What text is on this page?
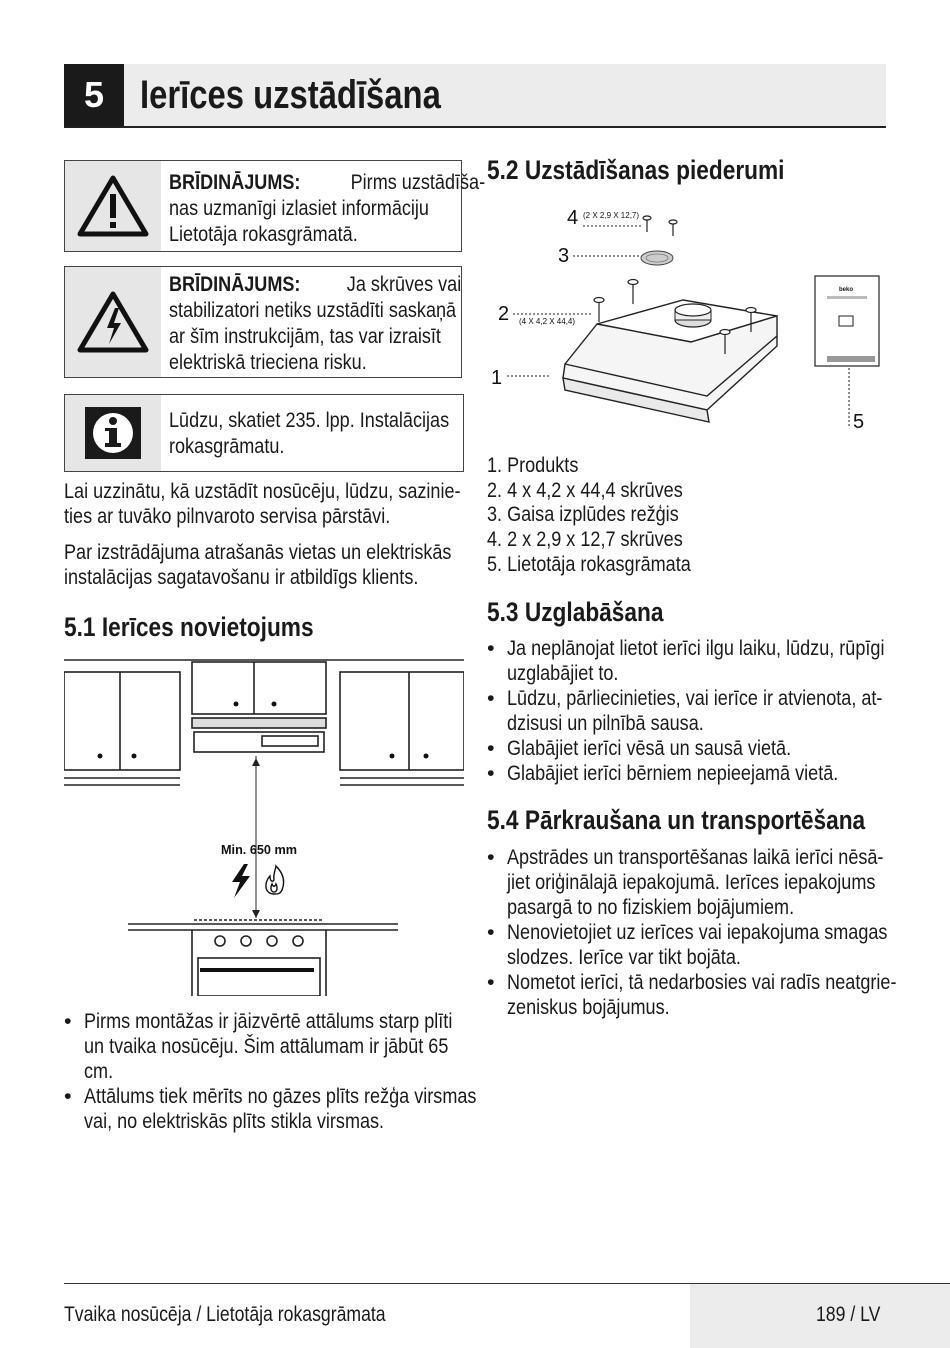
5 Ierīces uzstādīšana
BRĪDINĀJUMS: Pirms uzstādīša-
nas uzmanīgi izlasiet informāciju
Lietotāja rokasgrāmatā.
BRĪDINĀJUMS: Ja skrūves vai
stabilizatori netiks uzstādīti saskaņā
ar šīm instrukcijām, tas var izraisīt
elektriskā trieciena risku.
Lūdzu, skatiet 235. lpp. Instalācijas
rokasgrāmatu.
Lai uzzinātu, kā uzstādīt nosūcēju, lūdzu, sazinie-
ties ar tuvāko pilnvaroto servisa pārstāvi.
Par izstrādājuma atrašanās vietas un elektriskās
instalācijas sagatavošanu ir atbildīgs klients.
5.1 Ierīces novietojums
Min. 650 mm
• Pirms montāžas ir jāizvērtē attālums starp plīti
un tvaika nosūcēju. Šim attālumam ir jābūt 65
cm.
• Attālums tiek mērīts no gāzes plīts režģa virsmas
vai, no elektriskās plīts stikla virsmas.
5.2 Uzstādīšanas piederumi
4 (2 X 2,9 X 12,7)
3
2 (4 X 4,2 X 44,4)
1
5
beko
1. Produkts
2. 4 x 4,2 x 44,4 skrūves
3. Gaisa izplūdes režģis
4. 2 x 2,9 x 12,7 skrūves
5. Lietotāja rokasgrāmata
5.3 Uzglabāšana
• Ja neplānojat lietot ierīci ilgu laiku, lūdzu, rūpīgi
uzglabājiet to.
• Lūdzu, pārliecinieties, vai ierīce ir atvienota, at-
dzisusi un pilnībā sausa.
• Glabājiet ierīci vēsā un sausā vietā.
• Glabājiet ierīci bērniem nepieejamā vietā.
5.4 Pārkraušana un transportēšana
• Apstrādes un transportēšanas laikā ierīci nēsā-
jiet oriģinālajā iepakojumā. Ierīces iepakojums
pasargā to no fiziskiem bojājumiem.
• Nenovietojiet uz ierīces vai iepakojuma smagas
slodzes. Ierīce var tikt bojāta.
• Nometot ierīci, tā nedarbosies vai radīs neatgrie-
zeniskus bojājumus.
Tvaika nosūcēja / Lietotāja rokasgrāmata	189 / LV
